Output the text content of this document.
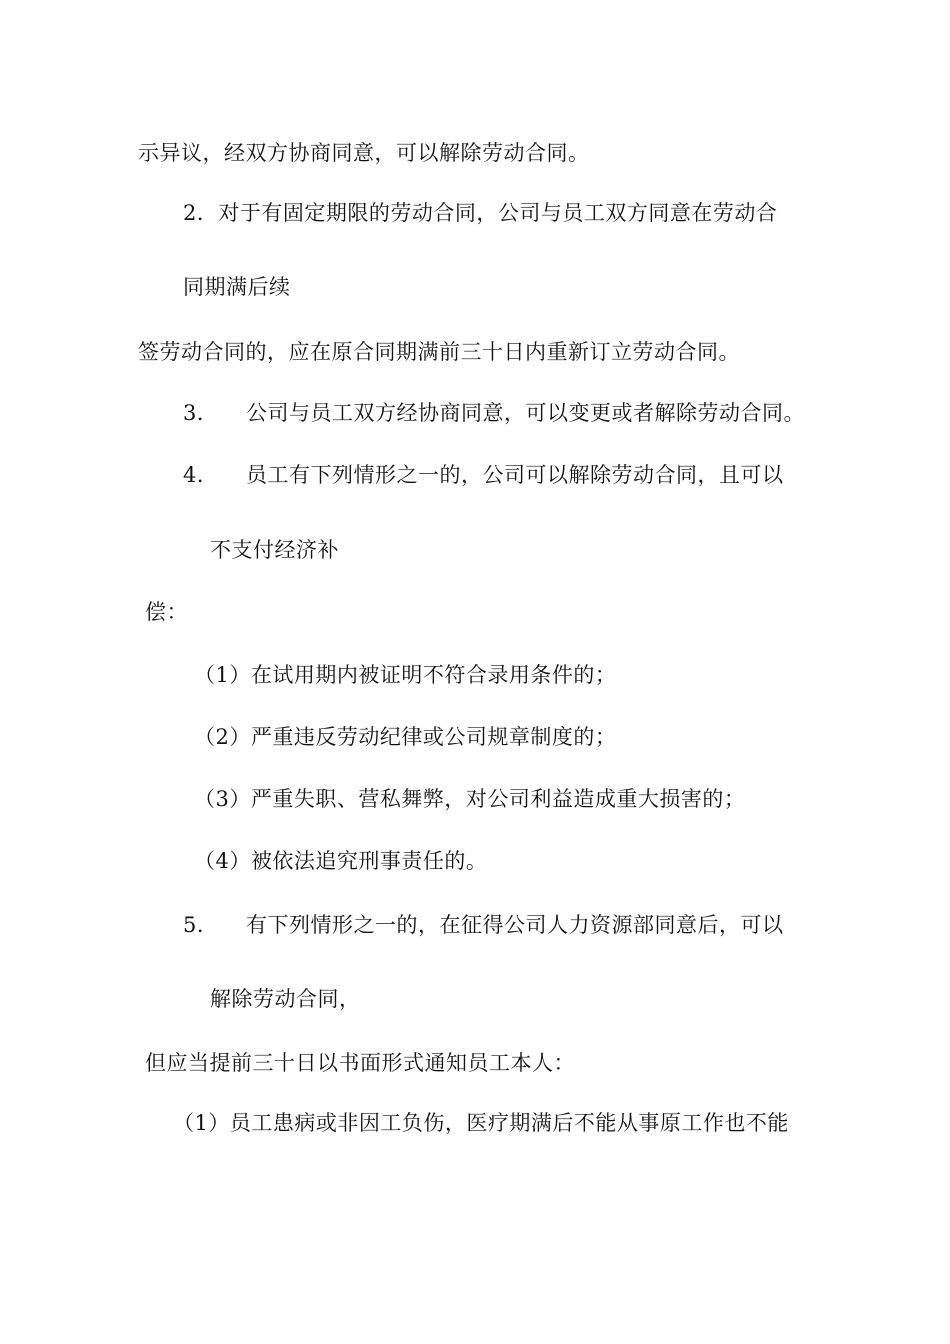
示异议，经双方协商同意，可以解除劳动合同。
2．对于有固定期限的劳动合同，公司与员工双方同意在劳动合
同期满后续
签劳动合同的，应在原合同期满前三十日内重新订立劳动合同。
3． 公司与员工双方经协商同意，可以变更或者解除劳动合同。
4． 员工有下列情形之一的，公司可以解除劳动合同，且可以
不支付经济补
偿：
（1）在试用期内被证明不符合录用条件的；
（2）严重违反劳动纪律或公司规章制度的；
（3）严重失职、营私舞弊，对公司利益造成重大损害的；
（4）被依法追究刑事责任的。
5． 有下列情形之一的，在征得公司人力资源部同意后，可以
解除劳动合同，
但应当提前三十日以书面形式通知员工本人：
（1）员工患病或非因工负伤，医疗期满后不能从事原工作也不能
